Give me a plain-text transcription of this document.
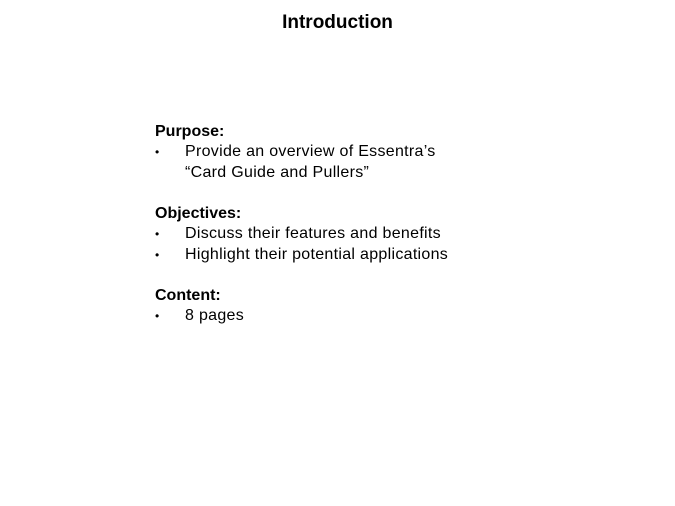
Introduction
Purpose:
• Provide an overview of Essentra’s
“Card Guide and Pullers”
Objectives:
• Discuss their features and benefits
• Highlight their potential applications
Content:
• 8 pages
